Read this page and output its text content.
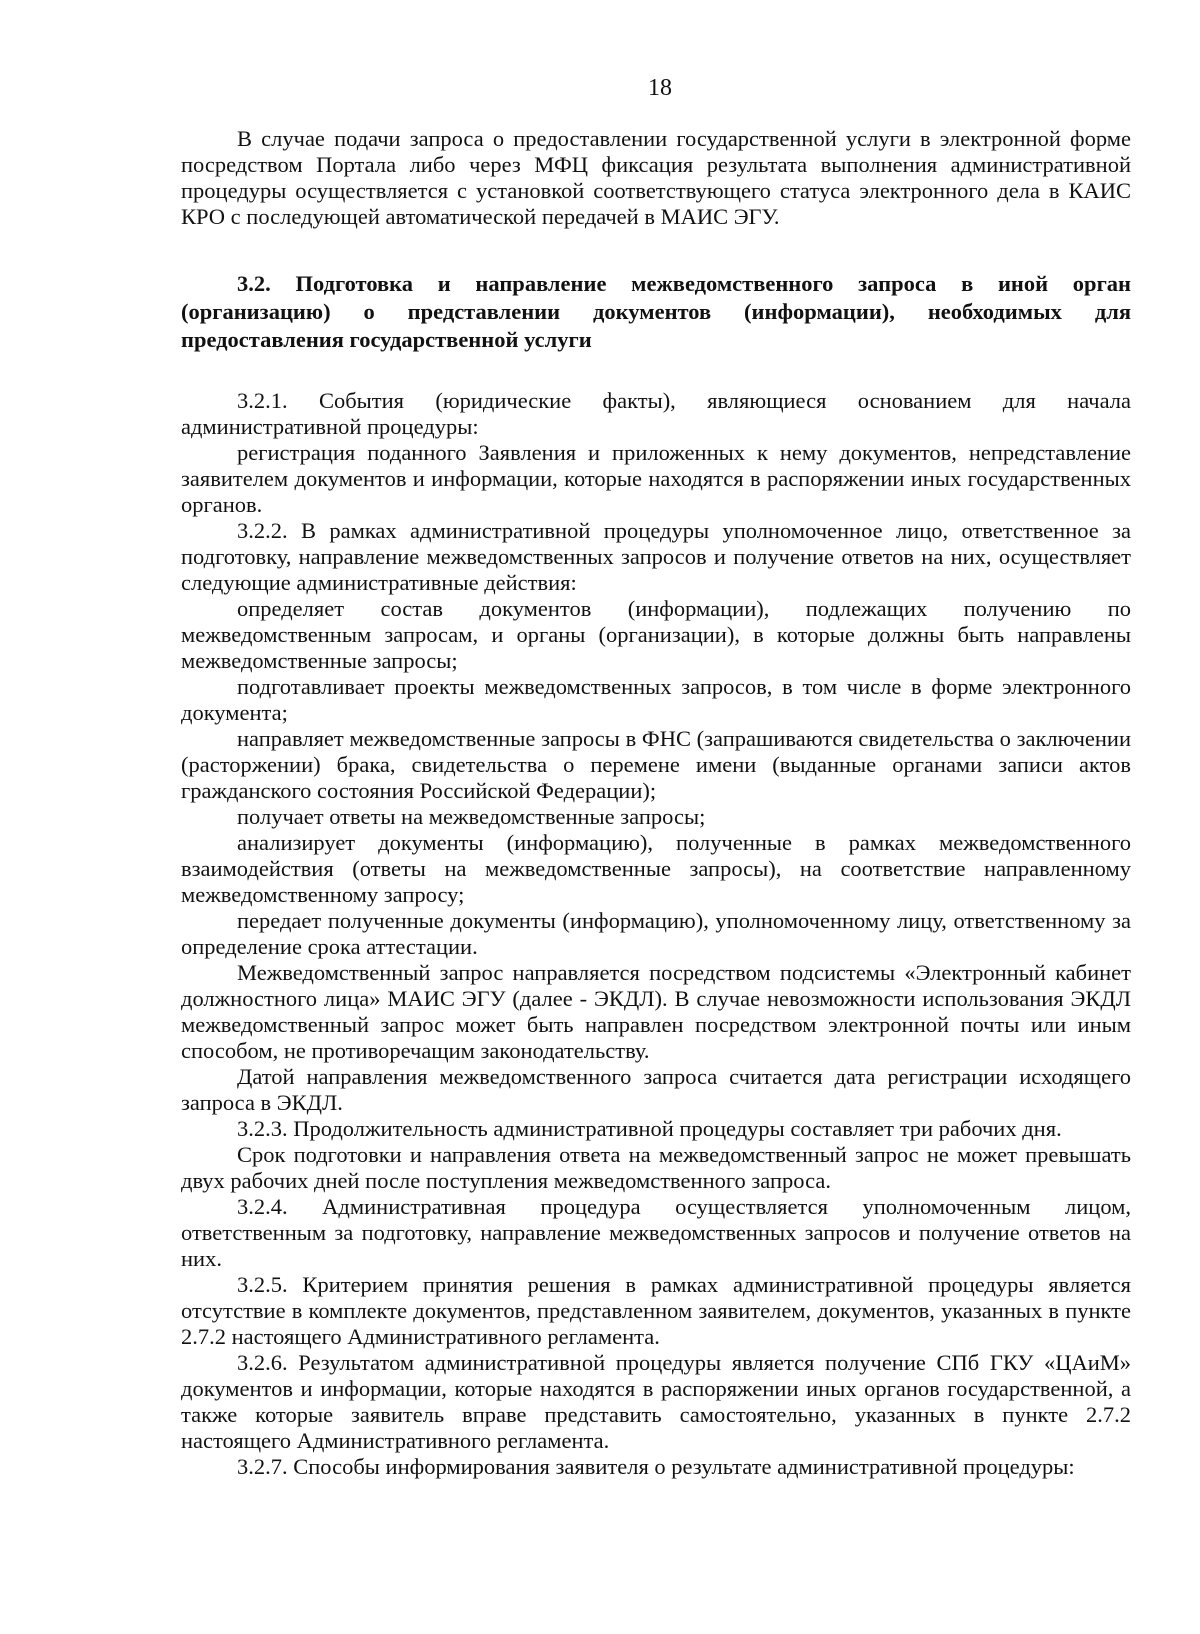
18

В случае подачи запроса о предоставлении государственной услуги в электронной форме посредством Портала либо через МФЦ фиксация результата выполнения административной процедуры осуществляется с установкой соответствующего статуса электронного дела в КАИС КРО с последующей автоматической передачей в МАИС ЭГУ.

3.2. Подготовка и направление межведомственного запроса в иной орган (организацию) о представлении документов (информации), необходимых для предоставления государственной услуги

3.2.1. События (юридические факты), являющиеся основанием для начала административной процедуры:

регистрация поданного Заявления и приложенных к нему документов, непредставление заявителем документов и информации, которые находятся в распоряжении иных государственных органов.

3.2.2. В рамках административной процедуры уполномоченное лицо, ответственное за подготовку, направление межведомственных запросов и получение ответов на них, осуществляет следующие административные действия:

определяет состав документов (информации), подлежащих получению по межведомственным запросам, и органы (организации), в которые должны быть направлены межведомственные запросы;

подготавливает проекты межведомственных запросов, в том числе в форме электронного документа;

направляет межведомственные запросы в ФНС (запрашиваются свидетельства о заключении (расторжении) брака, свидетельства о перемене имени (выданные органами записи актов гражданского состояния Российской Федерации);

получает ответы на межведомственные запросы;

анализирует документы (информацию), полученные в рамках межведомственного взаимодействия (ответы на межведомственные запросы), на соответствие направленному межведомственному запросу;

передает полученные документы (информацию), уполномоченному лицу, ответственному за определение срока аттестации.

Межведомственный запрос направляется посредством подсистемы «Электронный кабинет должностного лица» МАИС ЭГУ (далее - ЭКДЛ). В случае невозможности использования ЭКДЛ межведомственный запрос может быть направлен посредством электронной почты или иным способом, не противоречащим законодательству.

Датой направления межведомственного запроса считается дата регистрации исходящего запроса в ЭКДЛ.

3.2.3. Продолжительность административной процедуры составляет три рабочих дня.

Срок подготовки и направления ответа на межведомственный запрос не может превышать двух рабочих дней после поступления межведомственного запроса.

3.2.4. Административная процедура осуществляется уполномоченным лицом, ответственным за подготовку, направление межведомственных запросов и получение ответов на них.

3.2.5. Критерием принятия решения в рамках административной процедуры является отсутствие в комплекте документов, представленном заявителем, документов, указанных в пункте 2.7.2 настоящего Административного регламента.

3.2.6. Результатом административной процедуры является получение СПб ГКУ «ЦАиМ» документов и информации, которые находятся в распоряжении иных органов государственной, а также которые заявитель вправе представить самостоятельно, указанных в пункте 2.7.2 настоящего Административного регламента.

3.2.7. Способы информирования заявителя о результате административной процедуры:
